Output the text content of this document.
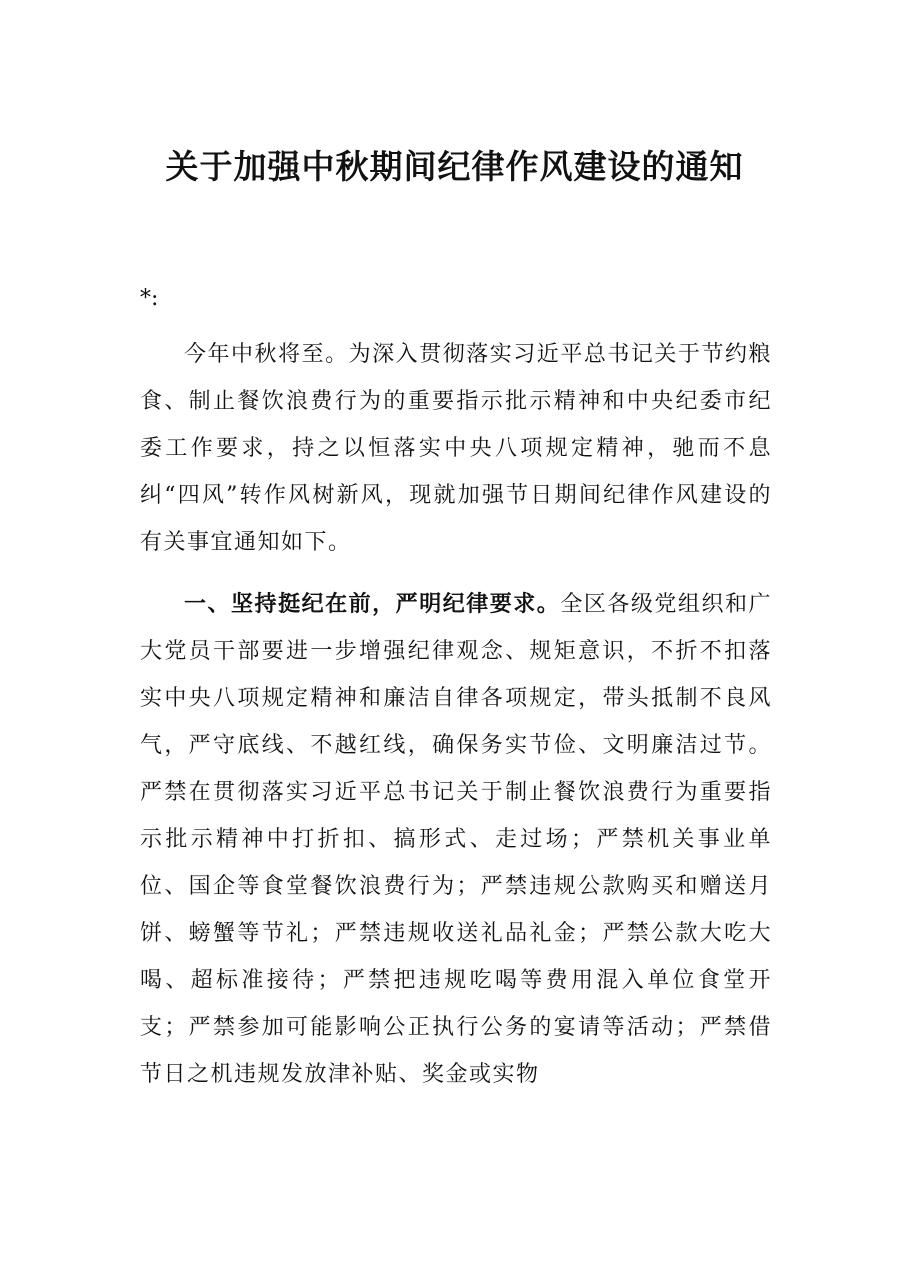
关于加强中秋期间纪律作风建设的通知

*:

今年中秋将至。为深入贯彻落实习近平总书记关于节约粮食、制止餐饮浪费行为的重要指示批示精神和中央纪委市纪委工作要求，持之以恒落实中央八项规定精神，驰而不息纠“四风”转作风树新风，现就加强节日期间纪律作风建设的有关事宜通知如下。

一、坚持挺纪在前，严明纪律要求。全区各级党组织和广大党员干部要进一步增强纪律观念、规矩意识，不折不扣落实中央八项规定精神和廉洁自律各项规定，带头抵制不良风气，严守底线、不越红线，确保务实节俭、文明廉洁过节。严禁在贯彻落实习近平总书记关于制止餐饮浪费行为重要指示批示精神中打折扣、搞形式、走过场；严禁机关事业单位、国企等食堂餐饮浪费行为；严禁违规公款购买和赠送月饼、螃蟹等节礼；严禁违规收送礼品礼金；严禁公款大吃大喝、超标准接待；严禁把违规吃喝等费用混入单位食堂开支；严禁参加可能影响公正执行公务的宴请等活动；严禁借节日之机违规发放津补贴、奖金或实物
